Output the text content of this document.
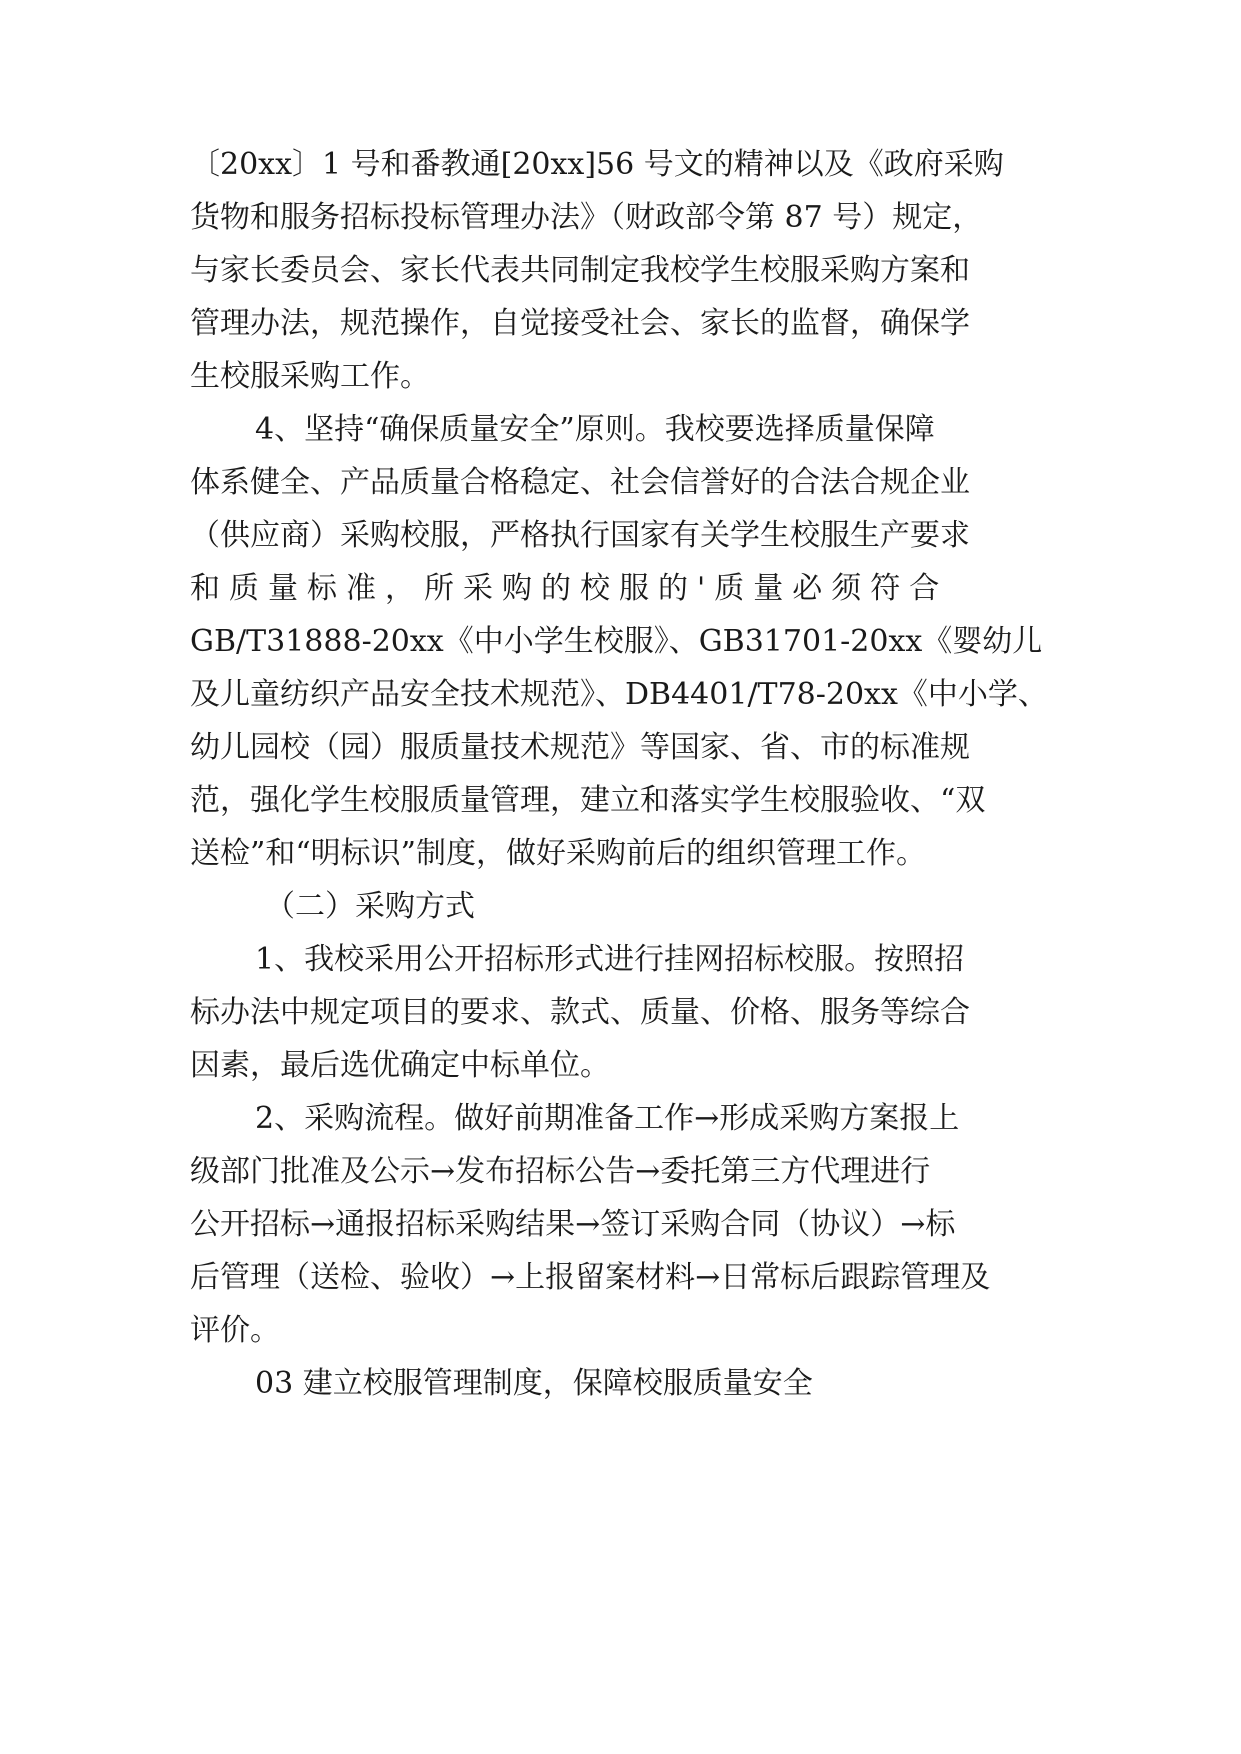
〔20xx〕1 号和番教通[20xx]56 号文的精神以及《政府采购
货物和服务招标投标管理办法》（财政部令第 87 号）规定，
与家长委员会、家长代表共同制定我校学生校服采购方案和
管理办法，规范操作，自觉接受社会、家长的监督，确保学
生校服采购工作。
4、坚持“确保质量安全”原则。我校要选择质量保障
体系健全、产品质量合格稳定、社会信誉好的合法合规企业
（供应商）采购校服，严格执行国家有关学生校服生产要求
和质量标准，所采购的校服的'质量必须符合
GB/T31888-20xx《中小学生校服》、GB31701-20xx《婴幼儿
及儿童纺织产品安全技术规范》、DB4401/T78-20xx《中小学、
幼儿园校（园）服质量技术规范》等国家、省、市的标准规
范，强化学生校服质量管理，建立和落实学生校服验收、“双
送检”和“明标识”制度，做好采购前后的组织管理工作。
（二）采购方式
1、我校采用公开招标形式进行挂网招标校服。按照招
标办法中规定项目的要求、款式、质量、价格、服务等综合
因素，最后选优确定中标单位。
2、采购流程。做好前期准备工作→形成采购方案报上
级部门批准及公示→发布招标公告→委托第三方代理进行
公开招标→通报招标采购结果→签订采购合同（协议）→标
后管理（送检、验收）→上报留案材料→日常标后跟踪管理及
评价。
03 建立校服管理制度，保障校服质量安全
